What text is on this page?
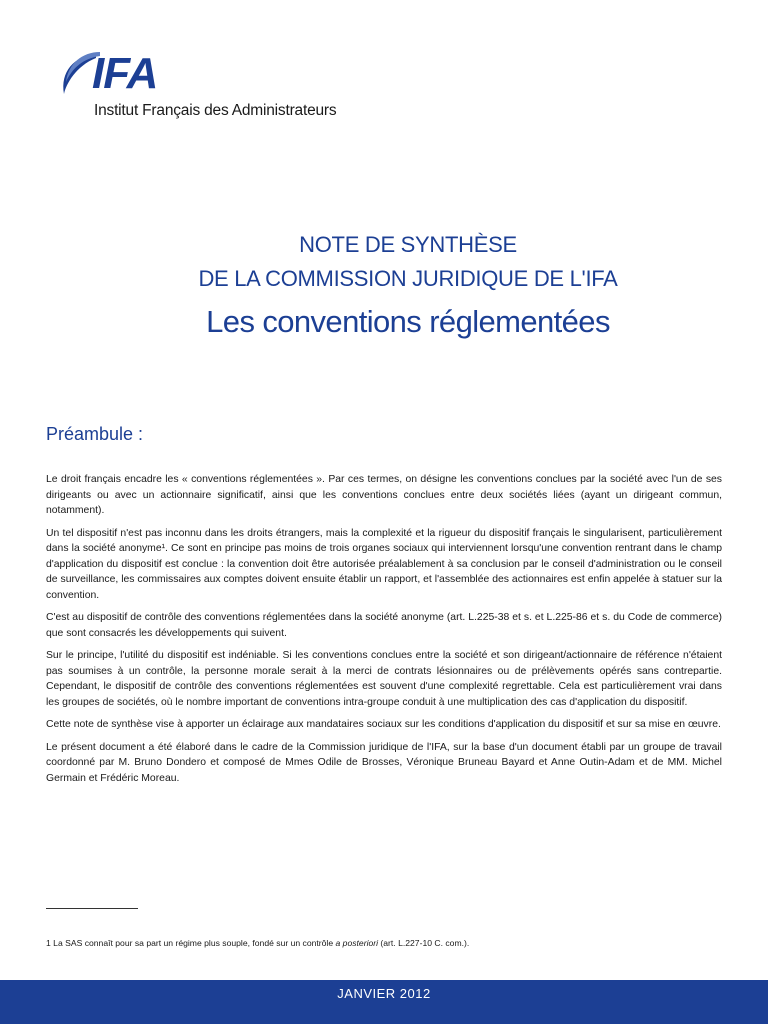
IFA
Institut Français des Administrateurs
NOTE DE SYNTHÈSE
DE LA COMMISSION JURIDIQUE DE L'IFA
Les conventions réglementées
Préambule :

Le droit français encadre les « conventions réglementées ». Par ces termes, on désigne les conventions conclues par la société avec l'un de ses dirigeants ou avec un actionnaire significatif, ainsi que les conventions conclues entre deux sociétés liées (ayant un dirigeant commun, notamment).

Un tel dispositif n'est pas inconnu dans les droits étrangers, mais la complexité et la rigueur du dispositif français le singularisent, particulièrement dans la société anonyme¹. Ce sont en principe pas moins de trois organes sociaux qui interviennent lorsqu'une convention rentrant dans le champ d'application du dispositif est conclue : la convention doit être autorisée préalablement à sa conclusion par le conseil d'administration ou le conseil de surveillance, les commissaires aux comptes doivent ensuite établir un rapport, et l'assemblée des actionnaires est enfin appelée à statuer sur la convention.

C'est au dispositif de contrôle des conventions réglementées dans la société anonyme (art. L.225-38 et s. et L.225-86 et s. du Code de commerce) que sont consacrés les développements qui suivent.

Sur le principe, l'utilité du dispositif est indéniable. Si les conventions conclues entre la société et son dirigeant/actionnaire de référence n'étaient pas soumises à un contrôle, la personne morale serait à la merci de contrats lésionnaires ou de prélèvements opérés sans contrepartie. Cependant, le dispositif de contrôle des conventions réglementées est souvent d'une complexité regrettable. Cela est particulièrement vrai dans les groupes de sociétés, où le nombre important de conventions intra-groupe conduit à une multiplication des cas d'application du dispositif.

Cette note de synthèse vise à apporter un éclairage aux mandataires sociaux sur les conditions d'application du dispositif et sur sa mise en œuvre.

Le présent document a été élaboré dans le cadre de la Commission juridique de l'IFA, sur la base d'un document établi par un groupe de travail coordonné par M. Bruno Dondero et composé de Mmes Odile de Brosses, Véronique Bruneau Bayard et Anne Outin-Adam et de MM. Michel Germain et Frédéric Moreau.

1 La SAS connaît pour sa part un régime plus souple, fondé sur un contrôle a posteriori (art. L.227-10 C. com.).
JANVIER 2012
